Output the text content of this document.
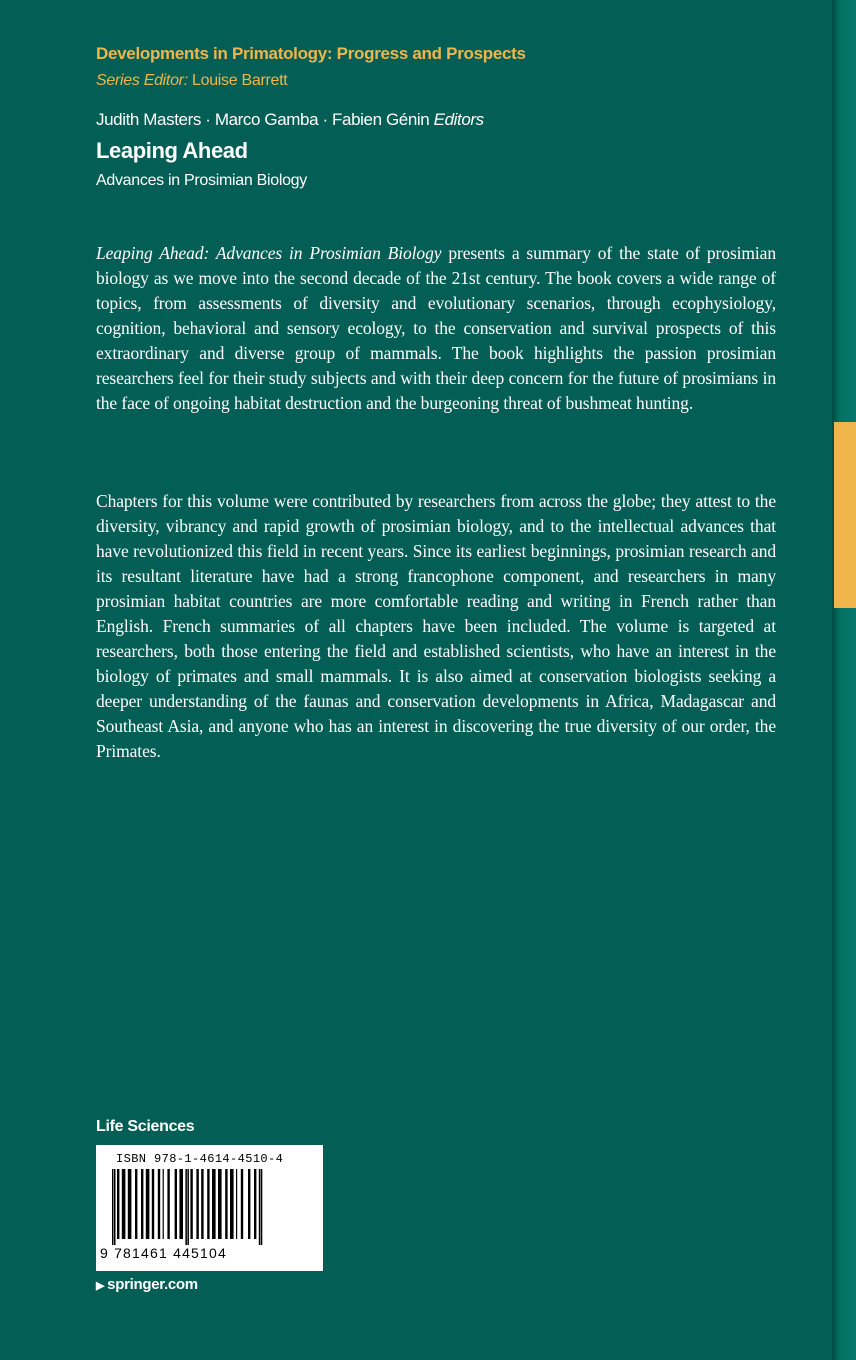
Developments in Primatology: Progress and Prospects
Series Editor: Louise Barrett
Judith Masters · Marco Gamba · Fabien Génin Editors
Leaping Ahead
Advances in Prosimian Biology

Leaping Ahead: Advances in Prosimian Biology presents a summary of the state of prosimian biology as we move into the second decade of the 21st century. The book covers a wide range of topics, from assessments of diversity and evolutionary scenarios, through ecophysiology, cognition, behavioral and sensory ecology, to the conservation and survival prospects of this extraordinary and diverse group of mammals. The book highlights the passion prosimian researchers feel for their study subjects and with their deep concern for the future of prosimians in the face of ongoing habitat destruction and the burgeoning threat of bushmeat hunting.

Chapters for this volume were contributed by researchers from across the globe; they attest to the diversity, vibrancy and rapid growth of prosimian biology, and to the intellectual advances that have revolutionized this field in recent years. Since its earliest beginnings, prosimian research and its resultant literature have had a strong francophone component, and researchers in many prosimian habitat countries are more comfortable reading and writing in French rather than English. French summaries of all chapters have been included. The volume is targeted at researchers, both those entering the field and established scientists, who have an interest in the biology of primates and small mammals. It is also aimed at conservation biologists seeking a deeper understanding of the faunas and conservation developments in Africa, Madagascar and Southeast Asia, and anyone who has an interest in discovering the true diversity of our order, the Primates.

Life Sciences
ISBN 978-1-4614-4510-4
9 781461 445104
▶ springer.com
